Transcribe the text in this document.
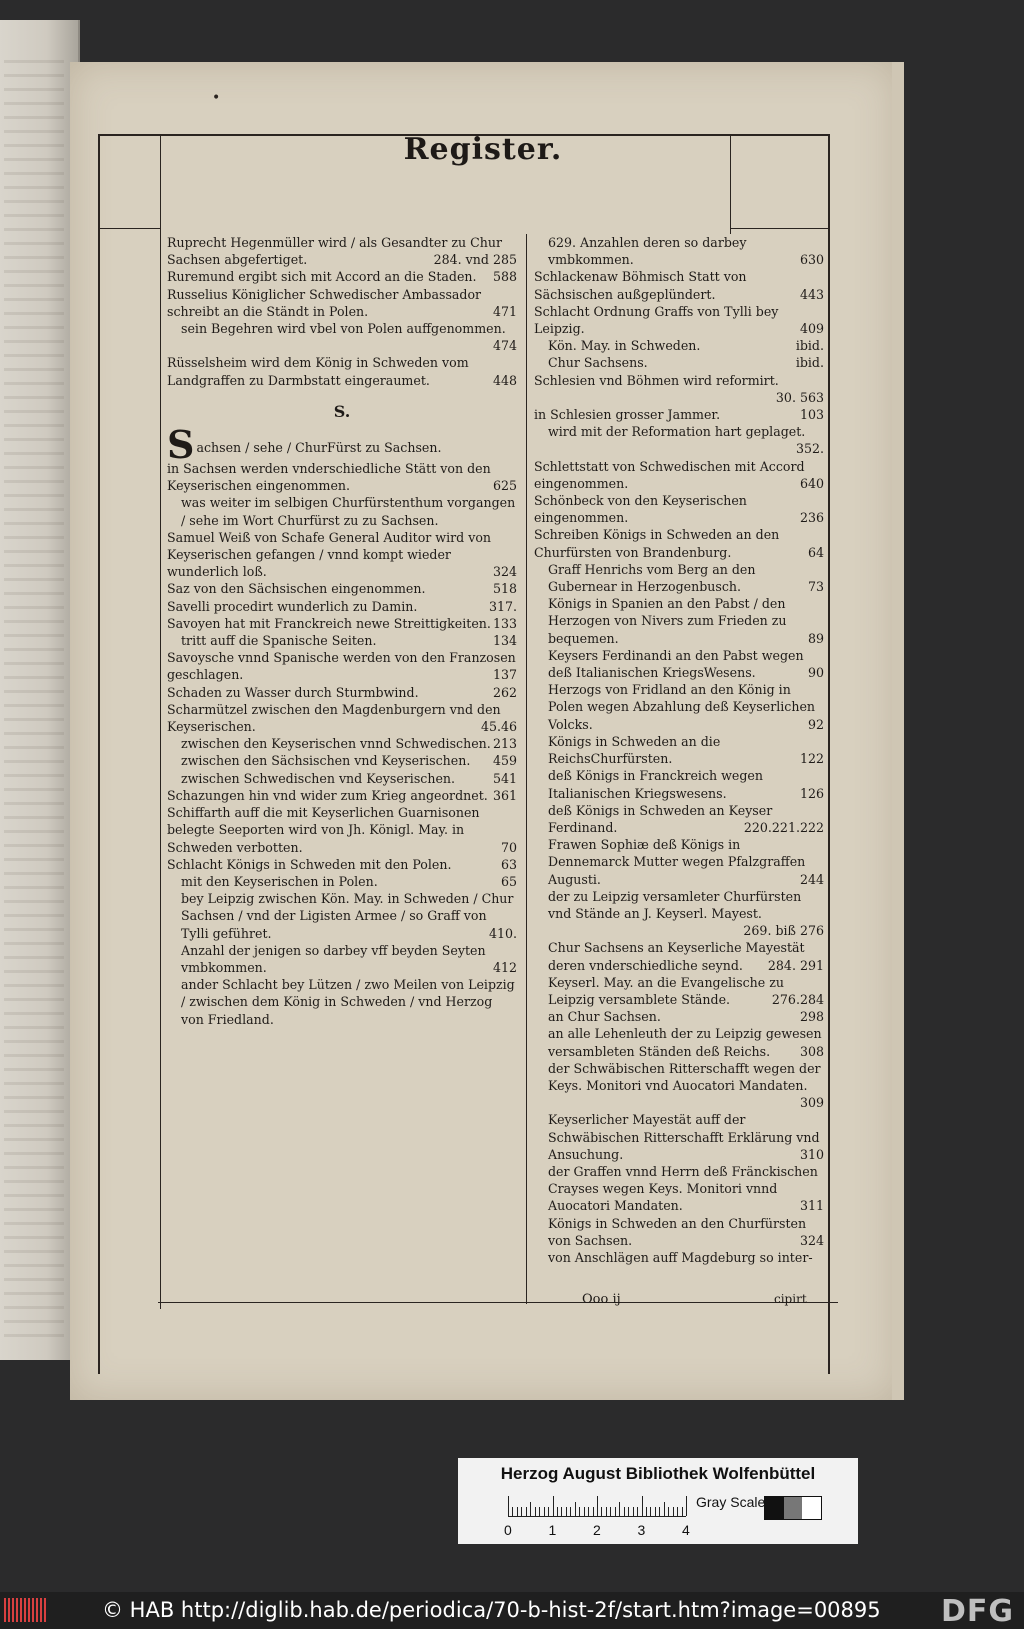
•
Register.
Ruprecht Hegenmüller wird / als Gesandter zu Chur Sachsen abgefertiget.	284. vnd 285
Ruremund ergibt sich mit Accord an die Staden. 588
Russelius Königlicher Schwedischer Ambassador schreibt an die Ständt in Polen.	471
sein Begehren wird vbel von Polen auffgenommen.
474
Rüsselsheim wird dem König in Schweden vom Landgraffen zu Darmbstatt eingeraumet.	448
S.
Sachsen / sehe / ChurFürst zu Sachsen.
in Sachsen werden vnderschiedliche Stätt von den Keyserischen eingenommen.	625
was weiter im selbigen Churfürstenthum vorgangen / sehe im Wort Churfürst zu zu Sachsen.
Samuel Weiß von Schafe General Auditor wird von Keyserischen gefangen / vnnd kompt wieder wunderlich loß.	324
Saz von den Sächsischen eingenommen.	518
Savelli procedirt wunderlich zu Damin.	317.
Savoyen hat mit Franckreich newe Streittigkeiten. 133
tritt auff die Spanische Seiten.	134
Savoysche vnnd Spanische werden von den Franzosen geschlagen.	137
Schaden zu Wasser durch Sturmbwind.	262
Scharmützel zwischen den Magdenburgern vnd den Keyserischen.	45.46
zwischen den Keyserischen vnnd Schwedischen. 213
zwischen den Sächsischen vnd Keyserischen. 459
zwischen Schwedischen vnd Keyserischen.	541
Schazungen hin vnd wider zum Krieg angeordnet. 361
Schiffarth auff die mit Keyserlichen Guarnisonen belegte Seeporten wird von Jh. Königl. May. in Schweden verbotten.	70
Schlacht Königs in Schweden mit den Polen.	63
mit den Keyserischen in Polen.	65
bey Leipzig zwischen Kön. May. in Schweden / Chur Sachsen / vnd der Ligisten Armee / so Graff von Tylli geführet.	410.
Anzahl der jenigen so darbey vff beyden Seyten vmbkommen.	412
ander Schlacht bey Lützen / zwo Meilen von Leipzig / zwischen dem König in Schweden / vnd Herzog von Friedland.
629. Anzahlen deren so darbey vmbkommen.	630
Schlackenaw Böhmisch Statt von Sächsischen außgeplündert.	443
Schlacht Ordnung Graffs von Tylli bey Leipzig.	409
Kön. May. in Schweden.	ibid.
Chur Sachsens.	ibid.
Schlesien vnd Böhmen wird reformirt.
30. 563
in Schlesien grosser Jammer.	103
wird mit der Reformation hart geplaget.
352.
Schlettstatt von Schwedischen mit Accord eingenommen.	640
Schönbeck von den Keyserischen eingenommen.	236
Schreiben Königs in Schweden an den Churfürsten von Brandenburg.	64
Graff Henrichs vom Berg an den Gubernear in Herzogenbusch.	73
Königs in Spanien an den Pabst / den Herzogen von Nivers zum Frieden zu bequemen.	89
Keysers Ferdinandi an den Pabst wegen deß Italianischen KriegsWesens.	90
Herzogs von Fridland an den König in Polen wegen Abzahlung deß Keyserlichen Volcks.	92
Königs in Schweden an die ReichsChurfürsten.	122
deß Königs in Franckreich wegen Italianischen Kriegswesens.	126
deß Königs in Schweden an Keyser Ferdinand.	220.221.222
Frawen Sophiæ deß Königs in Dennemarck Mutter wegen Pfalzgraffen Augusti.	244
der zu Leipzig versamleter Churfürsten vnd Stände an J. Keyserl. Mayest.
269. biß 276
Chur Sachsens an Keyserliche Mayestät deren vnderschiedliche seynd. 284. 291
Keyserl. May. an die Evangelische zu Leipzig versamblete Stände.	276.284
an Chur Sachsen.	298
an alle Lehenleuth der zu Leipzig gewesen versambleten Ständen deß Reichs. 308
der Schwäbischen Ritterschafft wegen der Keys. Monitori vnd Auocatori Mandaten.
309
Keyserlicher Mayestät auff der Schwäbischen Ritterschafft Erklärung vnd Ansuchung.	310
der Graffen vnnd Herrn deß Fränckischen Crayses wegen Keys. Monitori vnnd Auocatori Mandaten.	311
Königs in Schweden an den Churfürsten von Sachsen.	324
von Anschlägen auff Magdeburg so inter-
Ooo ij	cipirt
Herzog August Bibliothek Wolfenbüttel
0	1	2	3	4
Gray Scale
© HAB http://diglib.hab.de/periodica/70-b-hist-2f/start.htm?image=00895 DFG
